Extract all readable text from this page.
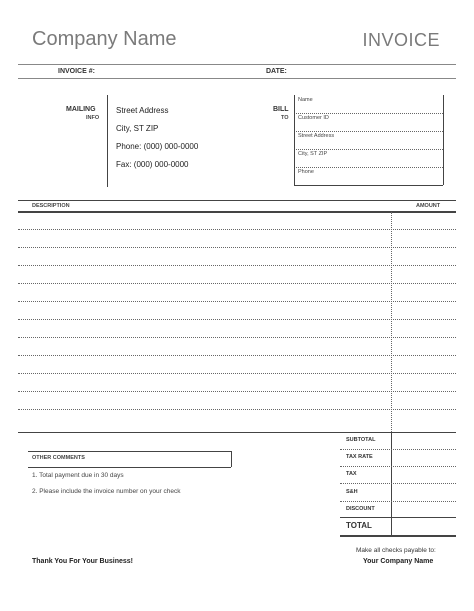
Company Name	INVOICE
INVOICE #:	DATE:
MAILING
INFO
Street Address
City, ST ZIP
Phone: (000) 000-0000
Fax: (000) 000-0000
BILL
TO
Name
Customer ID
Street Address
City, ST ZIP
Phone
DESCRIPTION	AMOUNT
OTHER COMMENTS
1. Total payment due in 30 days
2. Please include the invoice number on your check
SUBTOTAL
TAX RATE
TAX
S&H
DISCOUNT
TOTAL
Thank You For Your Business!
Make all checks payable to:
Your Company Name
